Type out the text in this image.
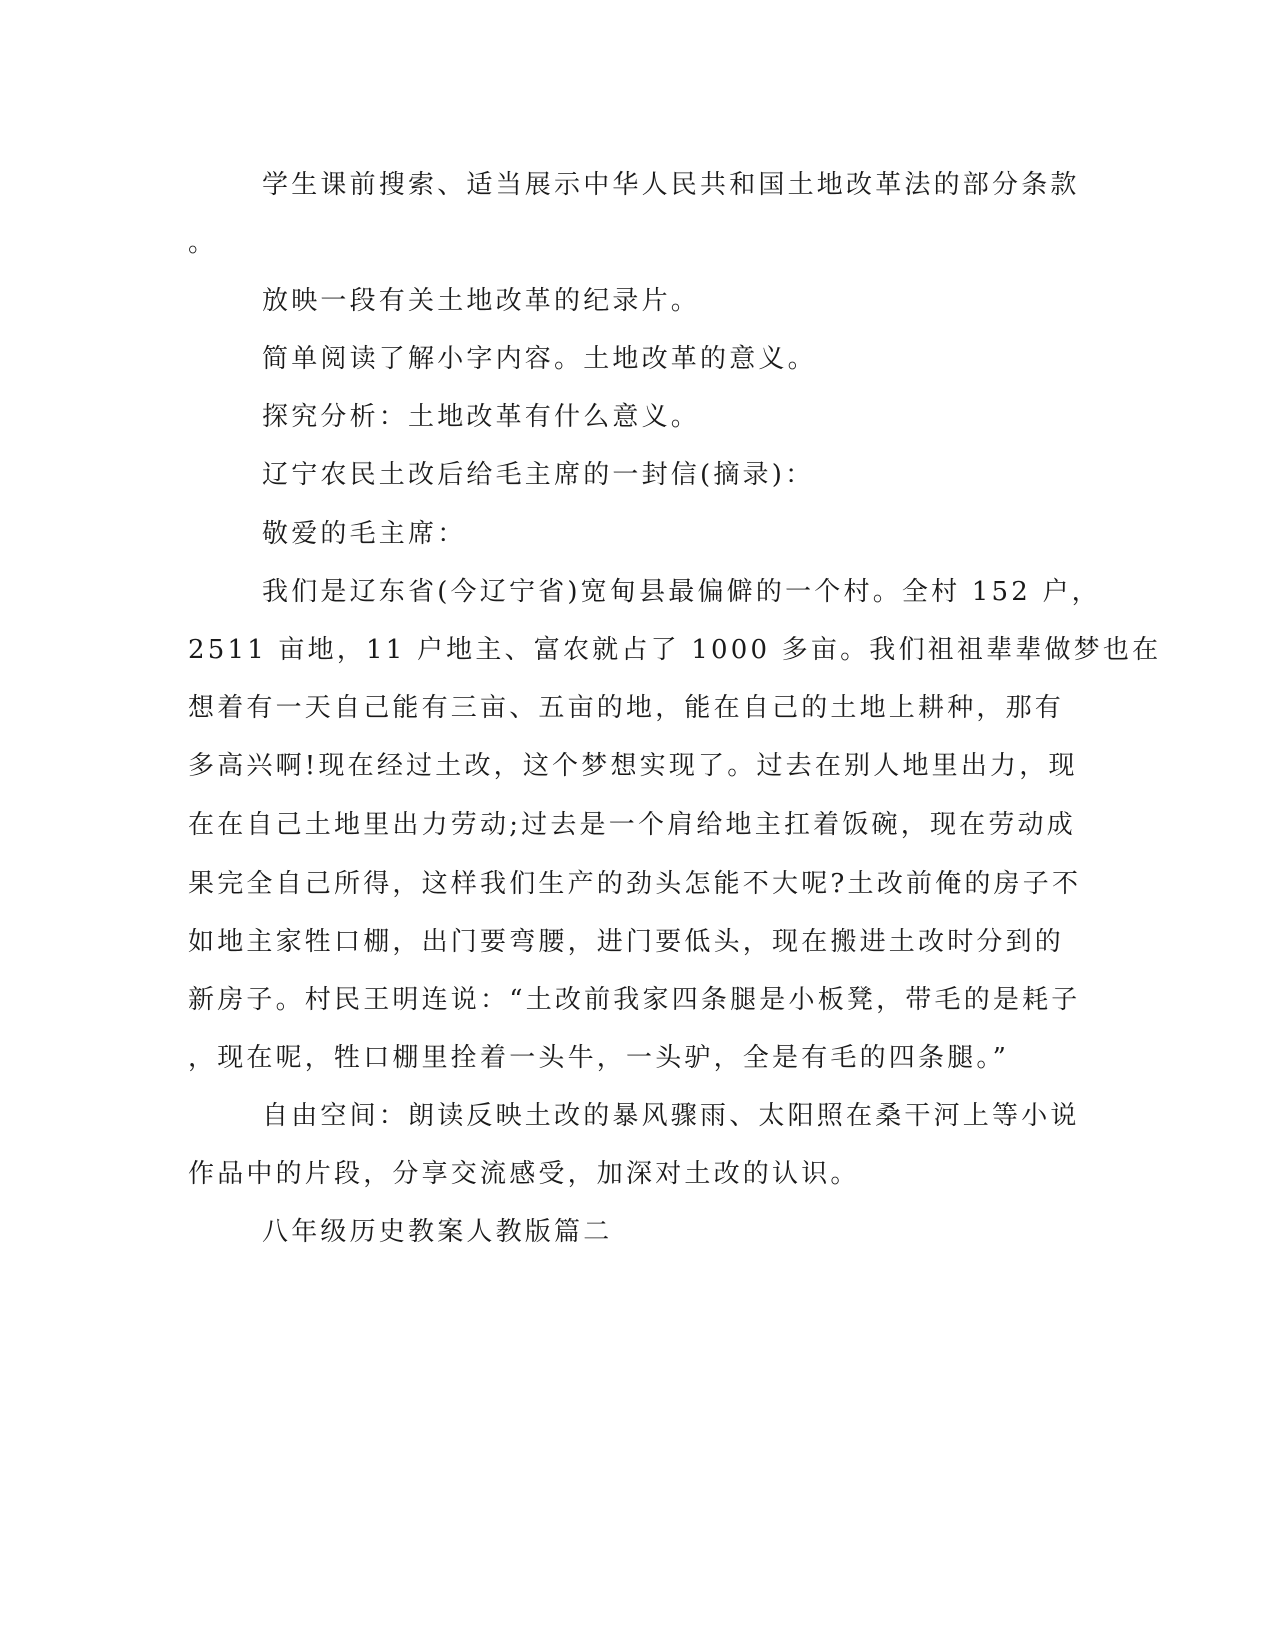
学生课前搜索、适当展示中华人民共和国土地改革法的部分条款
。
放映一段有关土地改革的纪录片。
简单阅读了解小字内容。土地改革的意义。
探究分析：土地改革有什么意义。
辽宁农民土改后给毛主席的一封信(摘录)：
敬爱的毛主席：
我们是辽东省(今辽宁省)宽甸县最偏僻的一个村。全村 152 户，
2511 亩地，11 户地主、富农就占了 1000 多亩。我们祖祖辈辈做梦也在
想着有一天自己能有三亩、五亩的地，能在自己的土地上耕种，那有
多高兴啊!现在经过土改，这个梦想实现了。过去在别人地里出力，现
在在自己土地里出力劳动;过去是一个肩给地主扛着饭碗，现在劳动成
果完全自己所得，这样我们生产的劲头怎能不大呢?土改前俺的房子不
如地主家牲口棚，出门要弯腰，进门要低头，现在搬进土改时分到的
新房子。村民王明连说：“土改前我家四条腿是小板凳，带毛的是耗子
，现在呢，牲口棚里拴着一头牛，一头驴，全是有毛的四条腿。”
自由空间：朗读反映土改的暴风骤雨、太阳照在桑干河上等小说
作品中的片段，分享交流感受，加深对土改的认识。
八年级历史教案人教版篇二
